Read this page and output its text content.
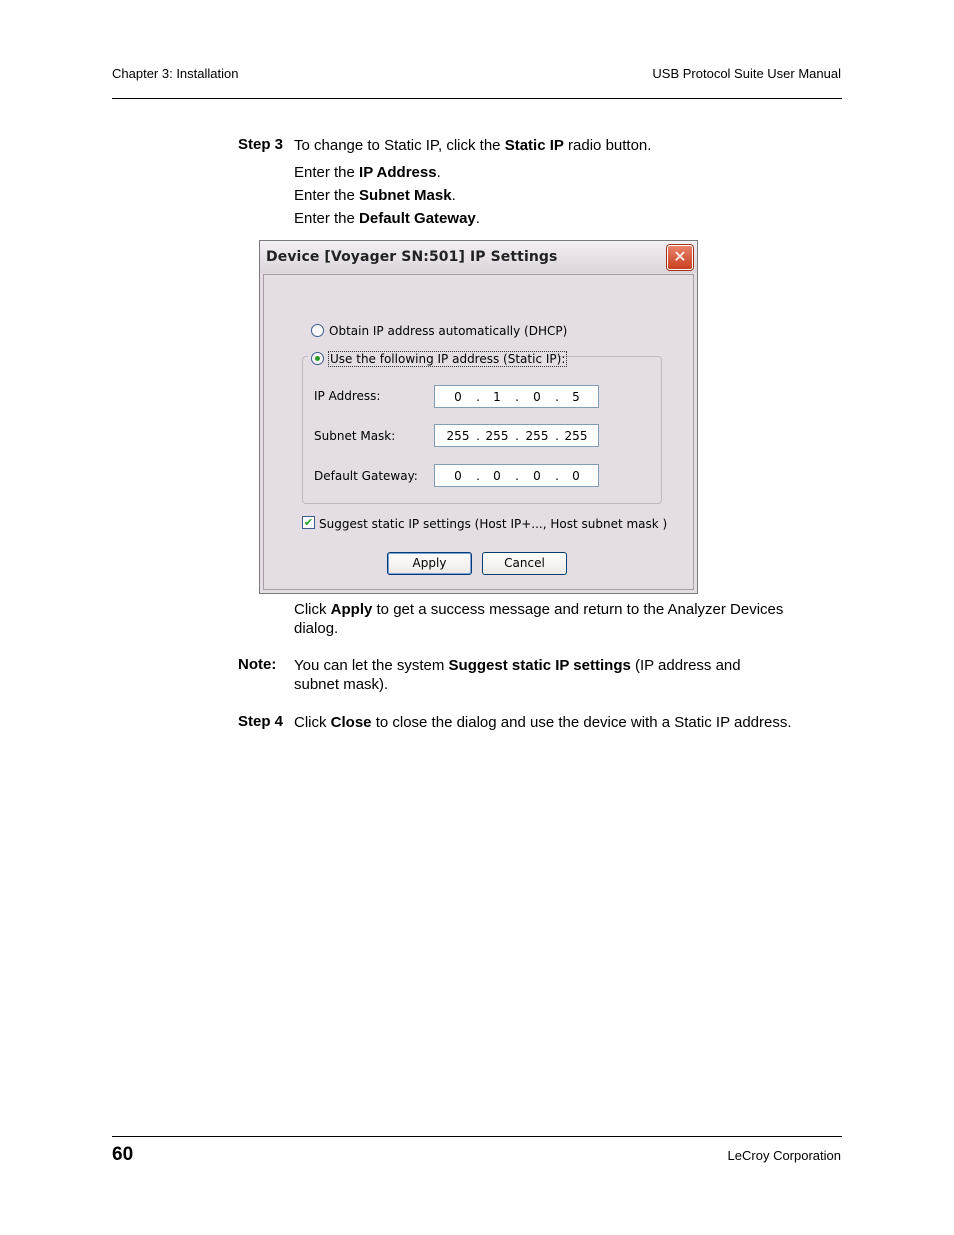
Chapter 3: Installation	USB Protocol Suite User Manual
Step 3 To change to Static IP, click the Static IP radio button.
Enter the IP Address.
Enter the Subnet Mask.
Enter the Default Gateway.
Device [Voyager SN:501] IP Settings	✕
Obtain IP address automatically (DHCP)
Use the following IP address (Static IP):
IP Address:	0	.	1	.	0	.	5
Subnet Mask:	255 . 255 . 255 . 255
Default Gateway:	0	.	0	.	0	.	0
✔ Suggest static IP settings (Host IP+..., Host subnet mask )
Apply	Cancel
Click Apply to get a success message and return to the Analyzer Devices
dialog.
Note: You can let the system Suggest static IP settings (IP address and
subnet mask).
Step 4 Click Close to close the dialog and use the device with a Static IP address.
60	LeCroy Corporation
